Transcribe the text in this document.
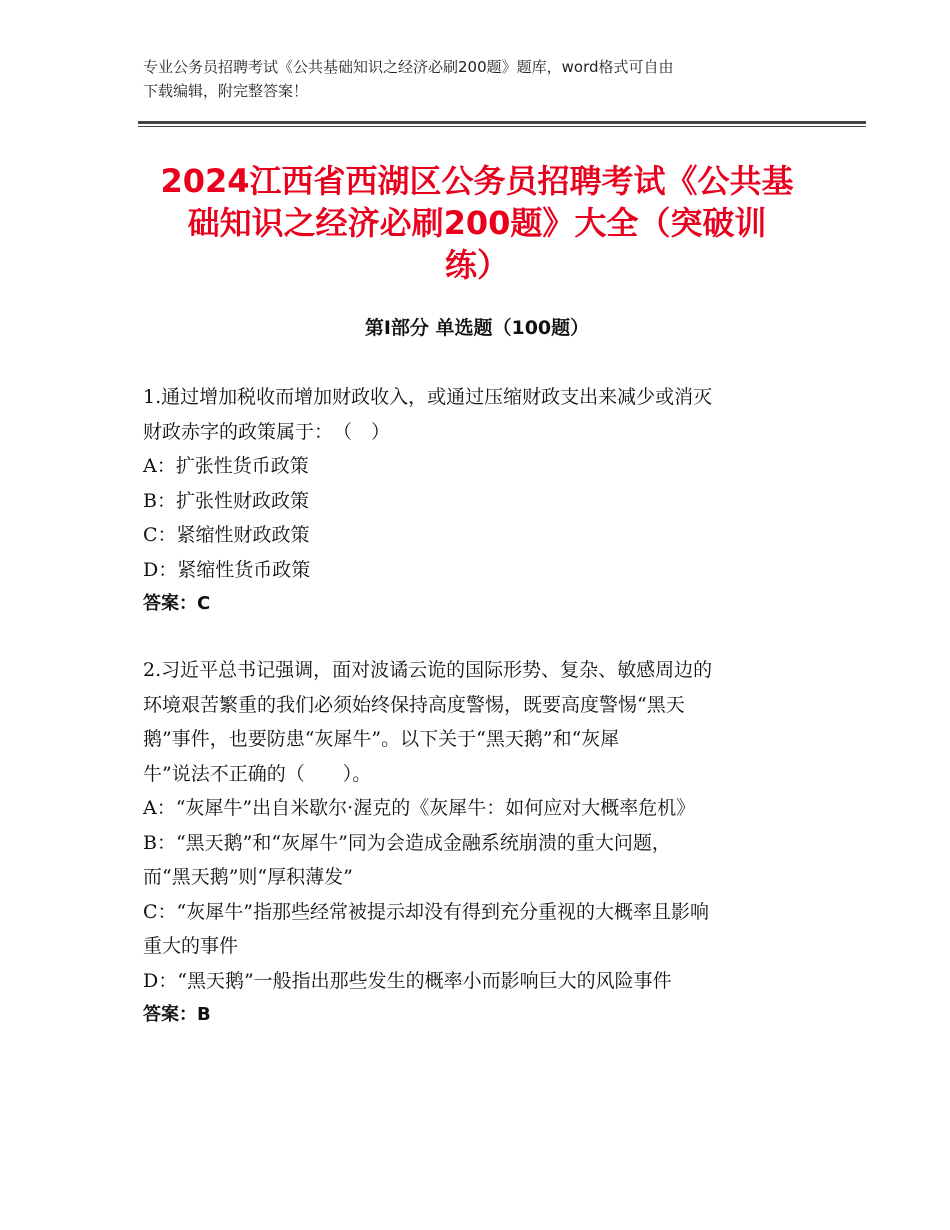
专业公务员招聘考试《公共基础知识之经济必刷200题》题库，word格式可自由
下载编辑，附完整答案！
2024江西省西湖区公务员招聘考试《公共基
础知识之经济必刷200题》大全（突破训
练）
第Ⅰ部分 单选题（100题）
1.通过增加税收而增加财政收入，或通过压缩财政支出来减少或消灭
财政赤字的政策属于：　（　）
A：扩张性货币政策
B：扩张性财政政策
C：紧缩性财政政策
D：紧缩性货币政策
答案：C
2.习近平总书记强调，面对波谲云诡的国际形势、复杂、敏感周边的
环境艰苦繁重的我们必须始终保持高度警惕，既要高度警惕“黑天
鹅”事件，也要防患“灰犀牛”。以下关于“黑天鹅”和“灰犀
牛”说法不正确的（　　）。
A：“灰犀牛”出自米歇尔·渥克的《灰犀牛：如何应对大概率危机》
B：“黑天鹅”和“灰犀牛”同为会造成金融系统崩溃的重大问题，
而“黑天鹅”则“厚积薄发”
C：“灰犀牛”指那些经常被提示却没有得到充分重视的大概率且影响
重大的事件
D：“黑天鹅”一般指出那些发生的概率小而影响巨大的风险事件
答案：B
